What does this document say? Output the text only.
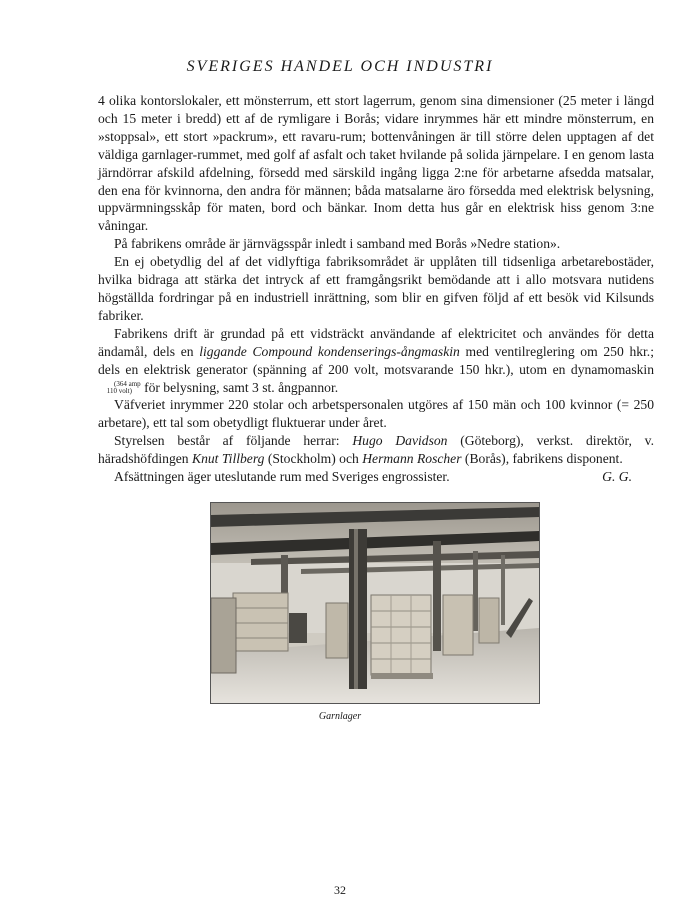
SVERIGES HANDEL OCH INDUSTRI

4 olika kontorslokaler, ett mönsterrum, ett stort lagerrum, genom sina dimensioner (25 meter i längd och 15 meter i bredd) ett af de rymligare i Borås; vidare inrymmes här ett mindre mönsterrum, en »stoppsal», ett stort »packrum», ett ravaru-rum; bottenvåningen är till större delen upptagen af det väldiga garnlager-rummet, med golf af asfalt och taket hvilande på solida järnpelare. I en genom lasta järndörrar afskild afdelning, försedd med särskild ingång ligga 2:ne för arbetarne afsedda matsalar, den ena för kvinnorna, den andra för männen; båda matsalarne äro försedda med elektrisk belysning, uppvärmningsskåp för maten, bord och bänkar. Inom detta hus går en elektrisk hiss genom 3:ne våningar.

På fabrikens område är järnvägsspår inledt i samband med Borås »Nedre station».

En ej obetydlig del af det vidlyftiga fabriksområdet är upplåten till tidsenliga arbetarebostäder, hvilka bidraga att stärka det intryck af ett framgångsrikt bemödande att i allo motsvara nutidens högställda fordringar på en industriell inrättning, som blir en gifven följd af ett besök vid Kilsunds fabriker.

Fabrikens drift är grundad på ett vidsträckt användande af elektricitet och användes för detta ändamål, dels en liggande Compound kondenserings-ångmaskin med ventilreglering om 250 hkr.; dels en elektrisk generator (spänning af 200 volt, motsvarande 150 hkr.), utom en dynamomaskin (364 amp
110 volt) för belysning, samt 3 st. ångpannor.

Väfveriet inrymmer 220 stolar och arbetspersonalen utgöres af 150 män och 100 kvinnor (= 250 arbetare), ett tal som obetydligt fluktuerar under året.

Styrelsen består af följande herrar: Hugo Davidson (Göteborg), verkst. direktör, v. häradshöfdingen Knut Tillberg (Stockholm) och Hermann Roscher (Borås), fabrikens disponent.

Afsättningen äger uteslutande rum med Sveriges engrossister.	G. G.

Garnlager
32
